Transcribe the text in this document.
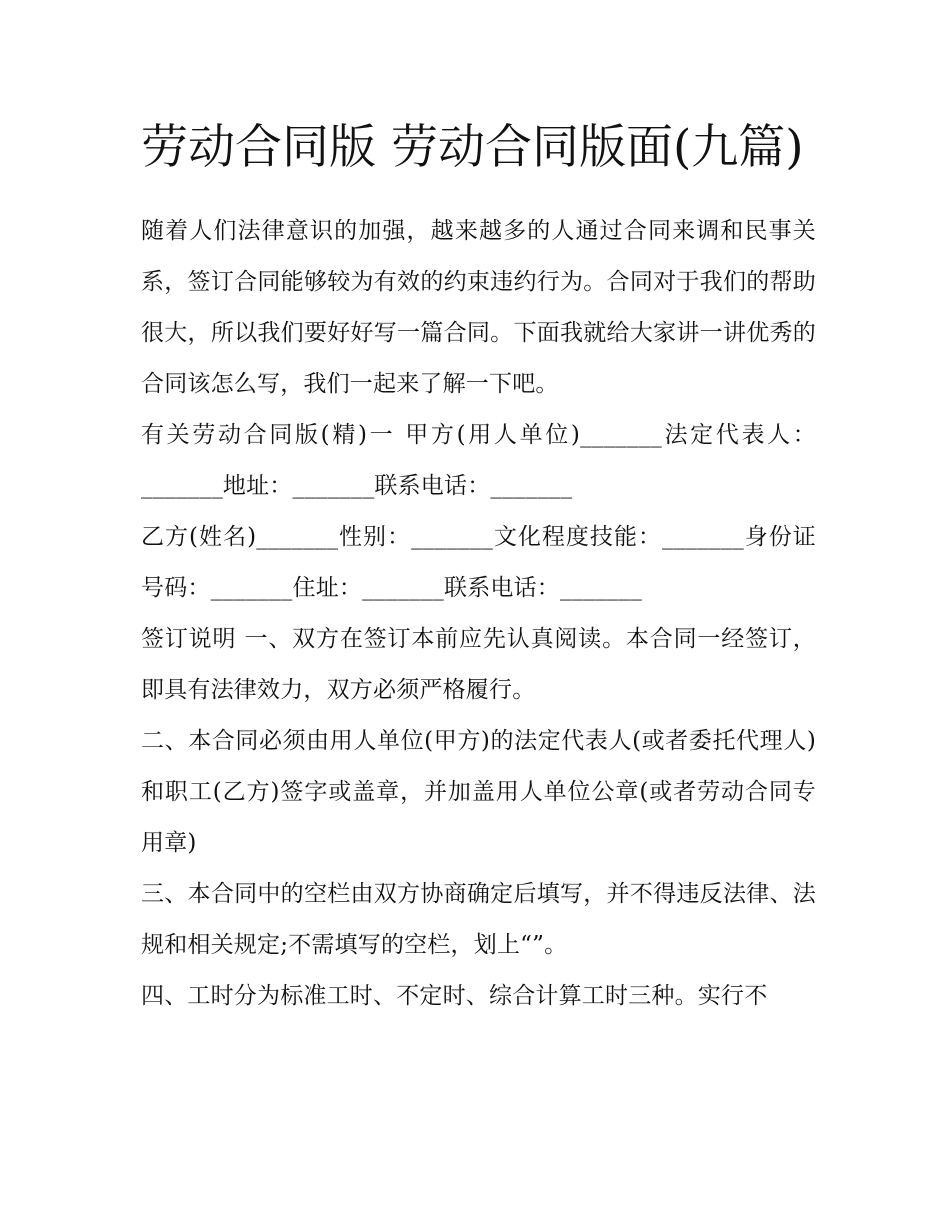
劳动合同版 劳动合同版面(九篇)

随着人们法律意识的加强，越来越多的人通过合同来调和民事关系，签订合同能够较为有效的约束违约行为。合同对于我们的帮助很大，所以我们要好好写一篇合同。下面我就给大家讲一讲优秀的合同该怎么写，我们一起来了解一下吧。

有关劳动合同版(精)一 甲方(用人单位)_______法定代表人：_______地址：_______联系电话：_______

乙方(姓名)_______性别：_______文化程度技能：_______身份证号码：_______住址：_______联系电话：_______

签订说明 一、双方在签订本前应先认真阅读。本合同一经签订，即具有法律效力，双方必须严格履行。

二、本合同必须由用人单位(甲方)的法定代表人(或者委托代理人)和职工(乙方)签字或盖章，并加盖用人单位公章(或者劳动合同专用章)

三、本合同中的空栏由双方协商确定后填写，并不得违反法律、法规和相关规定;不需填写的空栏，划上“”。

四、工时分为标准工时、不定时、综合计算工时三种。实行不
